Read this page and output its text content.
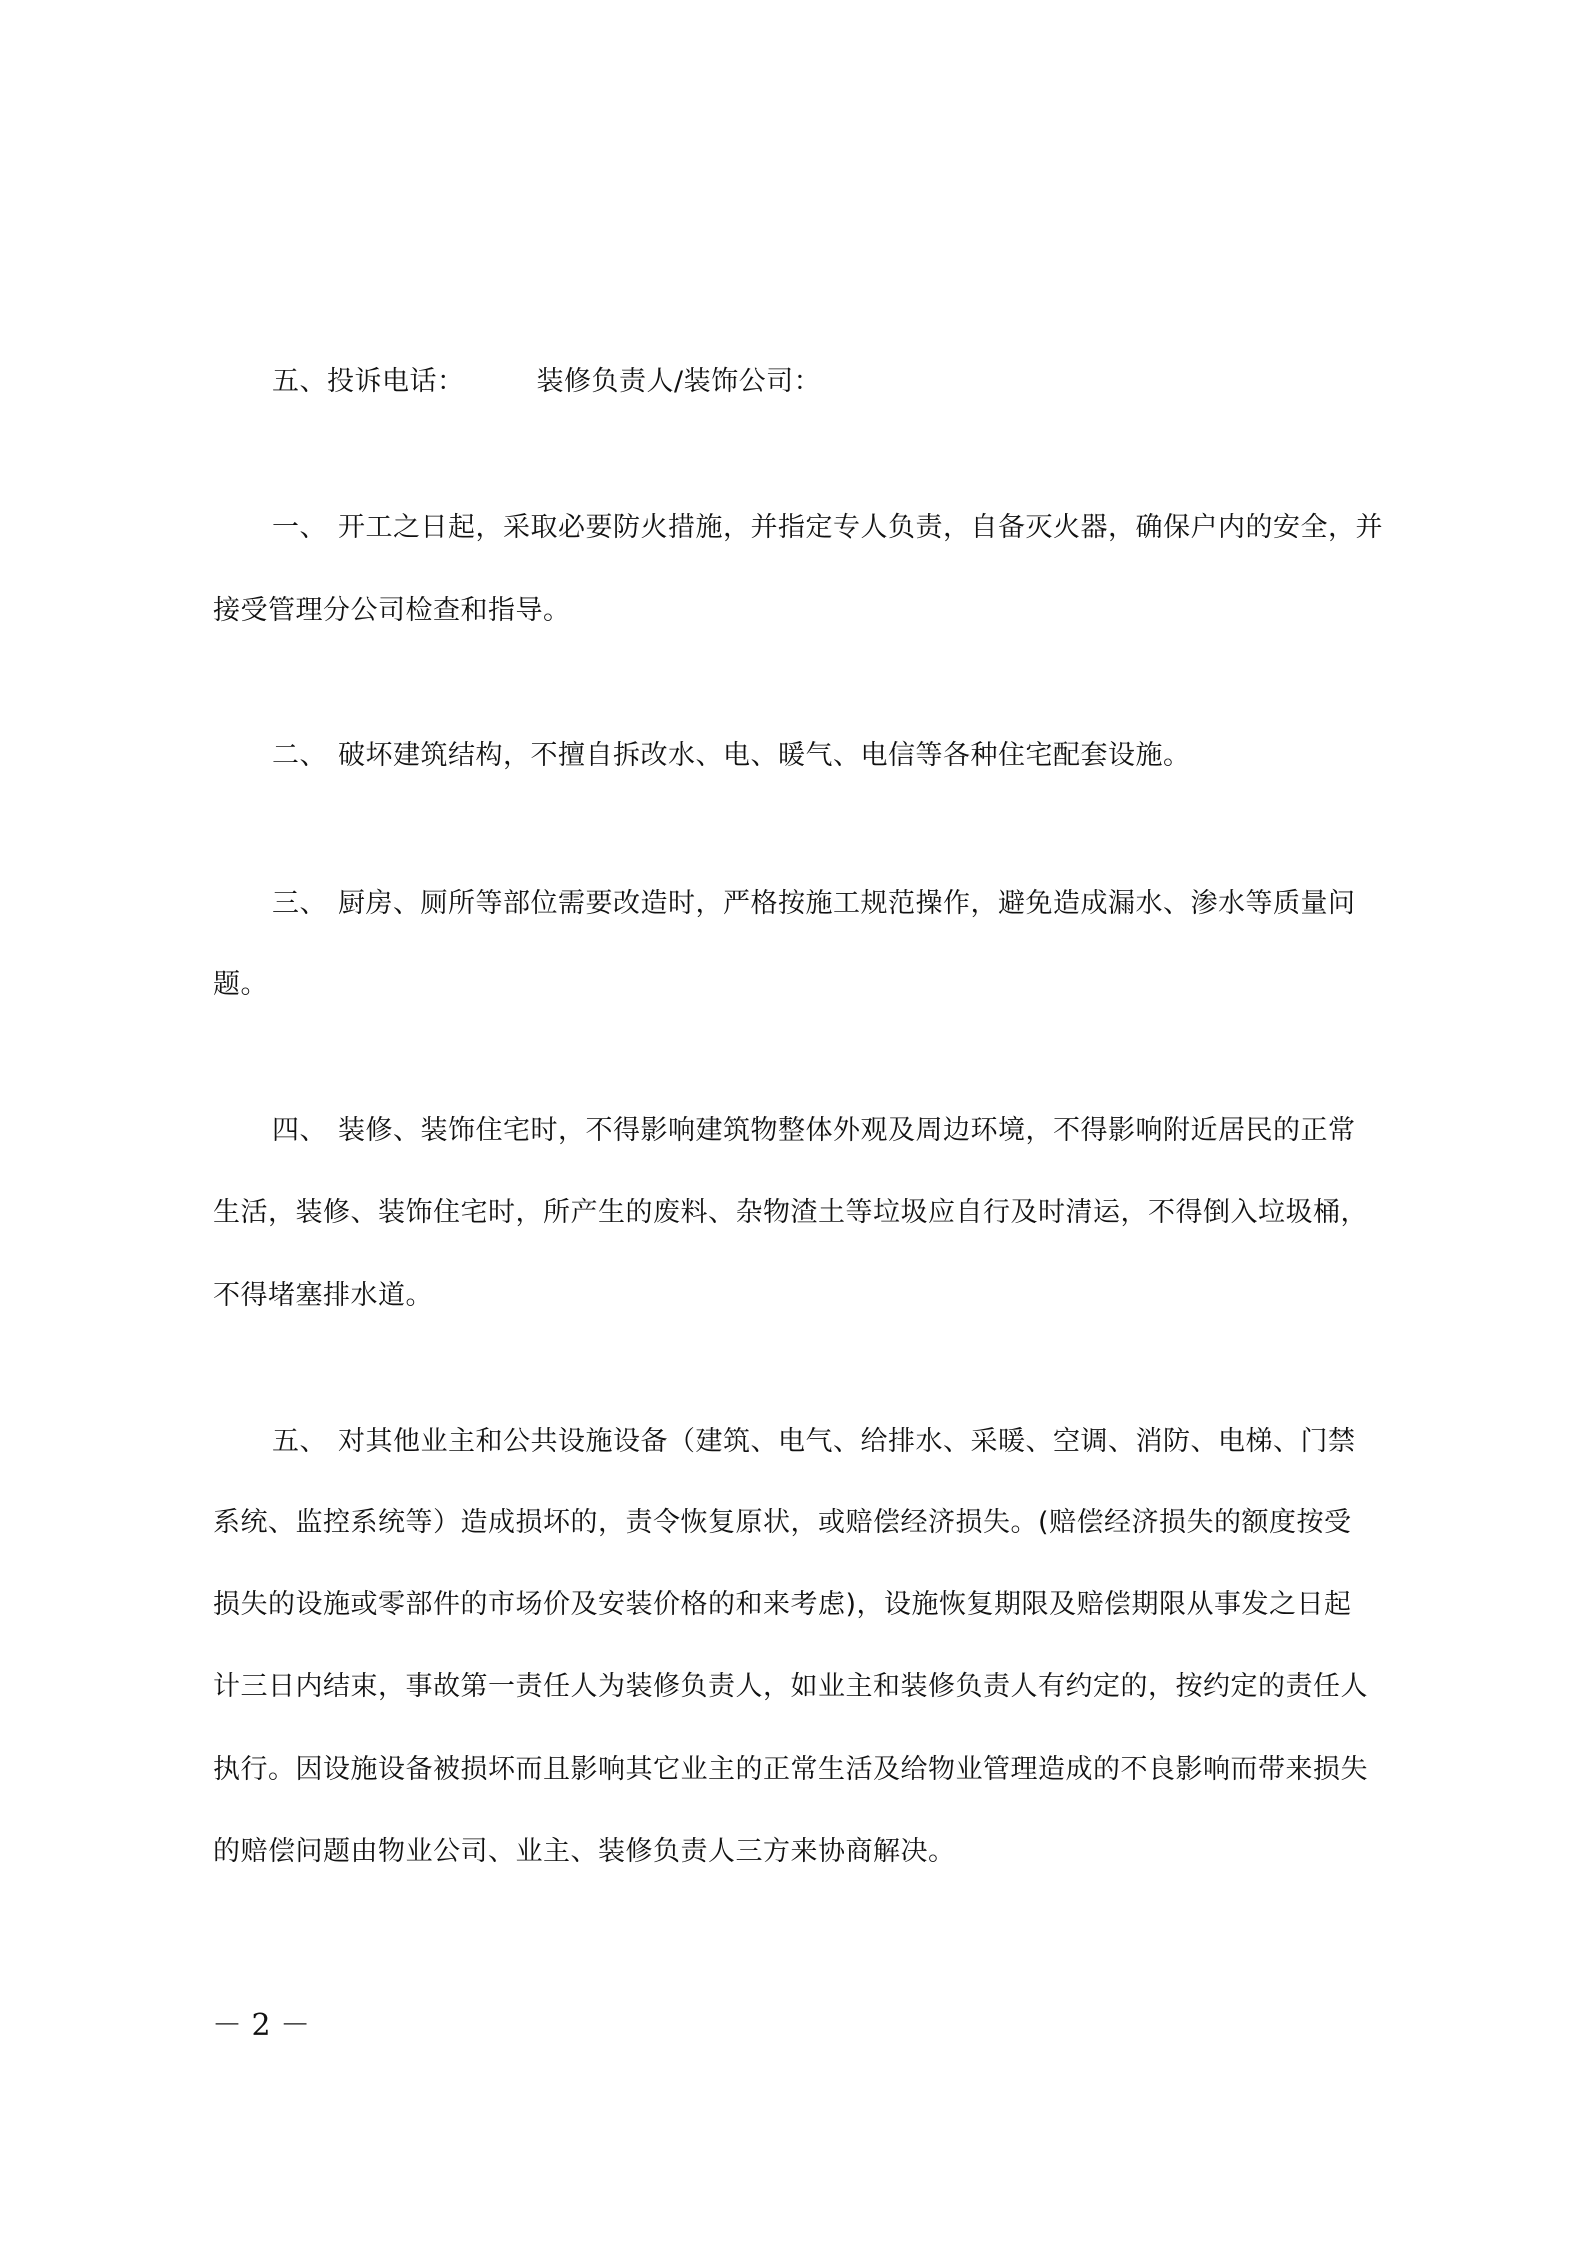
五、投诉电话：	装修负责人/装饰公司：
一、 开工之日起，采取必要防火措施，并指定专人负责，自备灭火器，确保户内的安全，并
接受管理分公司检查和指导。
二、 破坏建筑结构，不擅自拆改水、电、暖气、电信等各种住宅配套设施。
三、 厨房、厕所等部位需要改造时，严格按施工规范操作，避免造成漏水、渗水等质量问
题。
四、 装修、装饰住宅时，不得影响建筑物整体外观及周边环境，不得影响附近居民的正常
生活，装修、装饰住宅时，所产生的废料、杂物渣土等垃圾应自行及时清运，不得倒入垃圾桶，
不得堵塞排水道。
五、 对其他业主和公共设施设备（建筑、电气、给排水、采暖、空调、消防、电梯、门禁
系统、监控系统等）造成损坏的，责令恢复原状，或赔偿经济损失。(赔偿经济损失的额度按受
损失的设施或零部件的市场价及安装价格的和来考虑)，设施恢复期限及赔偿期限从事发之日起
计三日内结束，事故第一责任人为装修负责人，如业主和装修负责人有约定的，按约定的责任人
执行。因设施设备被损坏而且影响其它业主的正常生活及给物业管理造成的不良影响而带来损失
的赔偿问题由物业公司、业主、装修负责人三方来协商解决。
－ 2 －
